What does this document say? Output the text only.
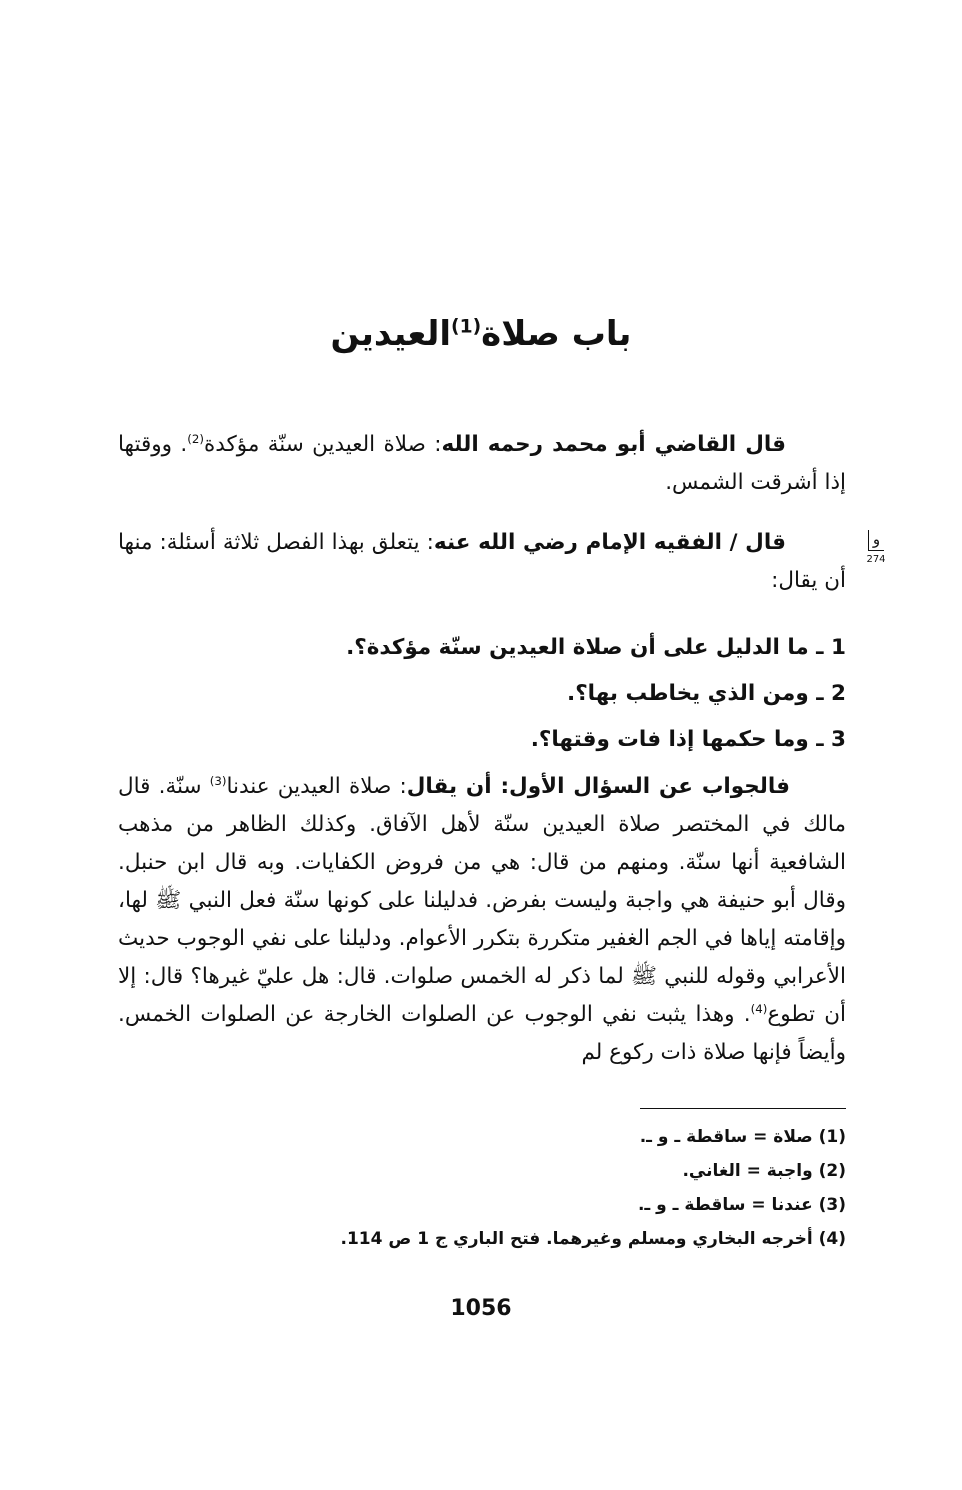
باب صلاة$^{(1)}$العيدين
قال القاضي أبو محمد رحمه الله: صلاة العيدين سنّة مؤكدة$^{(2)}$. ووقتها إذا أشرقت الشمس.
و
274
قال / الفقيه الإمام رضي الله عنه: يتعلق بهذا الفصل ثلاثة أسئلة: منها أن يقال:
1 ـ ما الدليل على أن صلاة العيدين سنّة مؤكدة؟.
2 ـ ومن الذي يخاطب بها؟.
3 ـ وما حكمها إذا فات وقتها؟.
فالجواب عن السؤال الأول: أن يقال: صلاة العيدين عندنا$^{(3)}$ سنّة. قال مالك في المختصر صلاة العيدين سنّة لأهل الآفاق. وكذلك الظاهر من مذهب الشافعية أنها سنّة. ومنهم من قال: هي من فروض الكفايات. وبه قال ابن حنبل. وقال أبو حنيفة هي واجبة وليست بفرض. فدليلنا على كونها سنّة فعل النبي ﷺ لها، وإقامته إياها في الجم الغفير متكررة بتكرر الأعوام. ودليلنا على نفي الوجوب حديث الأعرابي وقوله للنبي ﷺ لما ذكر له الخمس صلوات. قال: هل عليّ غيرها؟ قال: إلا أن تطوع$^{(4)}$. وهذا يثبت نفي الوجوب عن الصلوات الخارجة عن الصلوات الخمس. وأيضاً فإنها صلاة ذات ركوع لم
(1) صلاة = ساقطة ـ و ـ.
(2) واجبة = الغاني.
(3) عندنا = ساقطة ـ و ـ.
(4) أخرجه البخاري ومسلم وغيرهما. فتح الباري ج 1 ص 114.
1056
